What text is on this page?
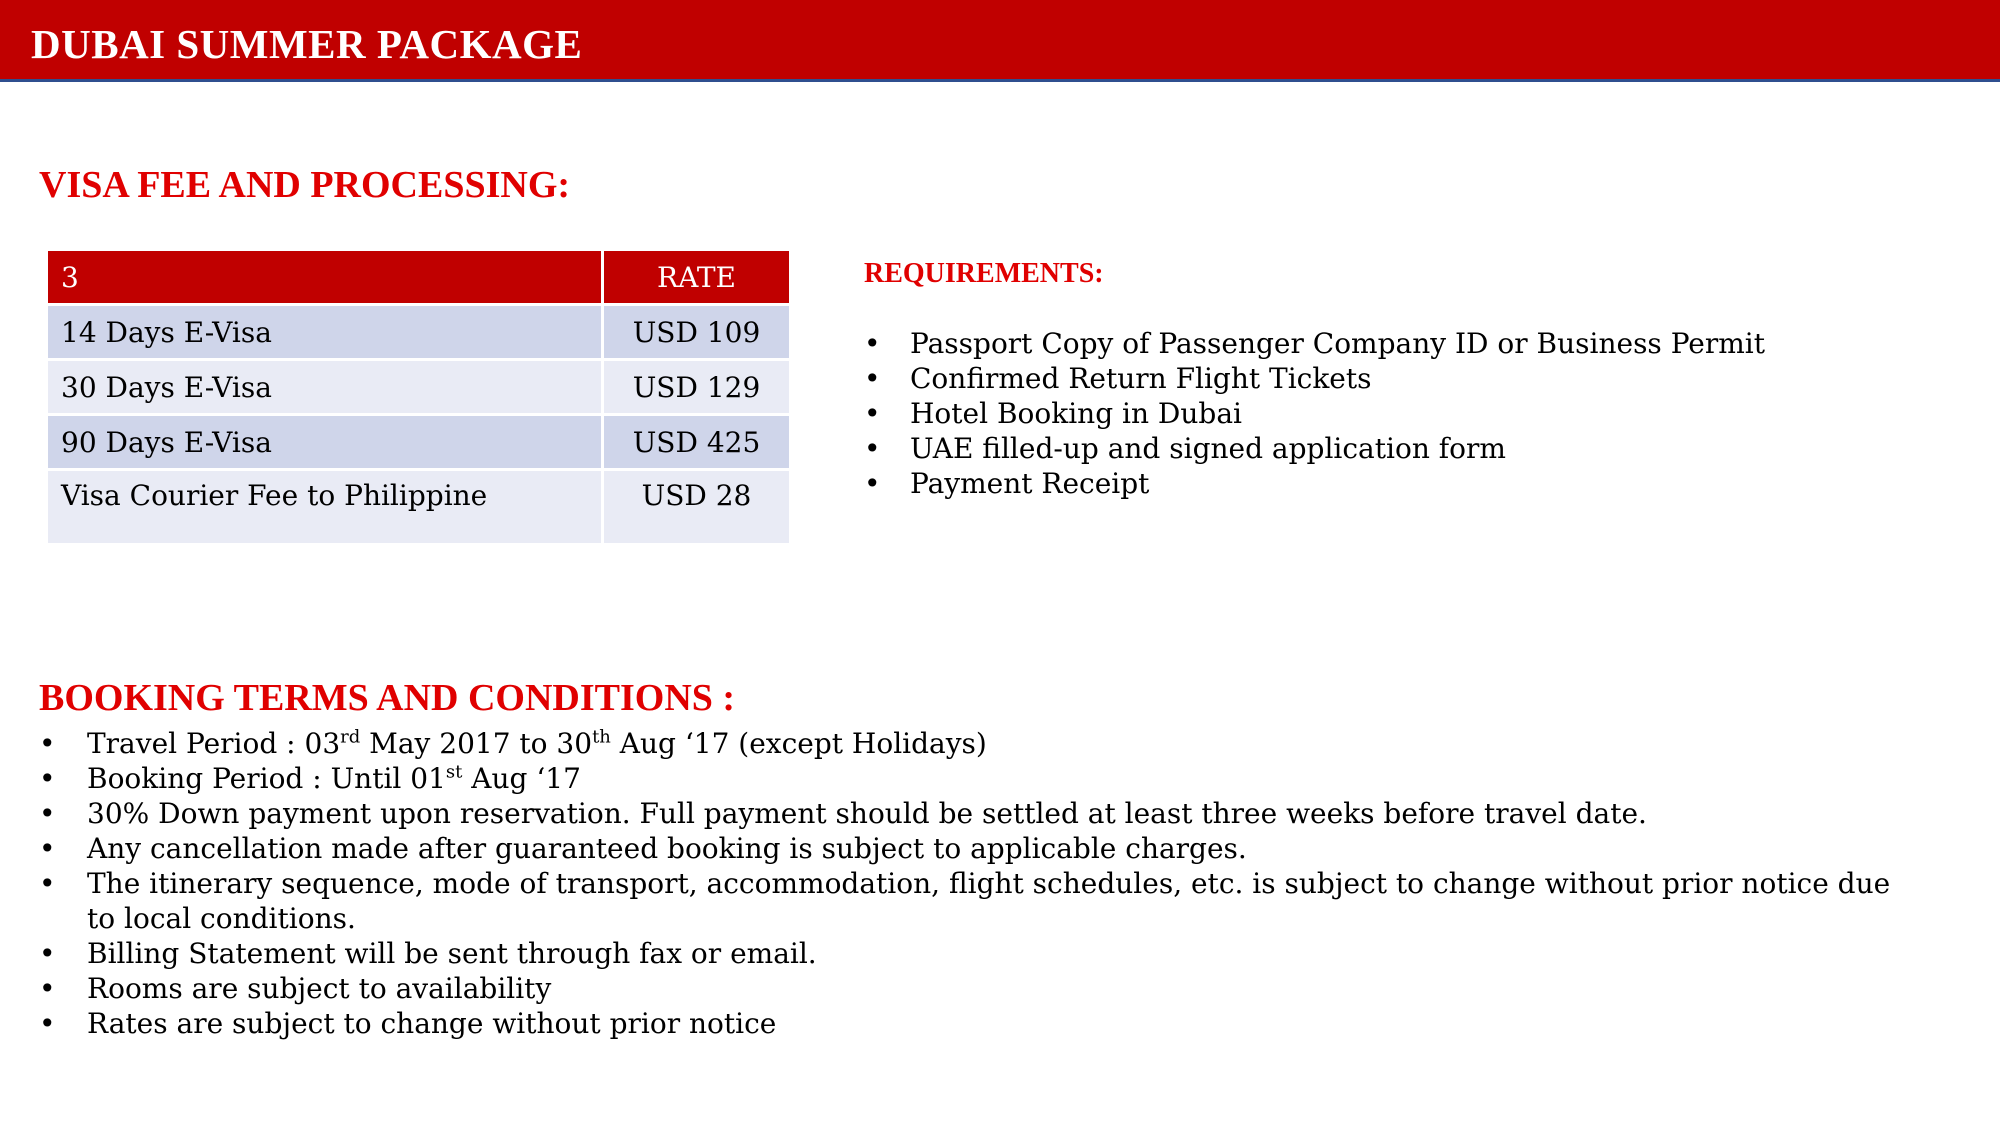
DUBAI SUMMER PACKAGE
VISA FEE AND PROCESSING:
3	RATE
14 Days E-Visa	USD 109
30 Days E-Visa	USD 129
90 Days E-Visa	USD 425
Visa Courier Fee to Philippine	USD 28
REQUIREMENTS:
• Passport Copy of Passenger Company ID or Business Permit
• Confirmed Return Flight Tickets
• Hotel Booking in Dubai
• UAE filled-up and signed application form
• Payment Receipt
BOOKING TERMS AND CONDITIONS :
• Travel Period : 03rd May 2017 to 30th Aug ‘17 (except Holidays)
• Booking Period : Until 01st Aug ‘17
• 30% Down payment upon reservation. Full payment should be settled at least three weeks before travel date.
• Any cancellation made after guaranteed booking is subject to applicable charges.
• The itinerary sequence, mode of transport, accommodation, flight schedules, etc. is subject to change without prior notice due to local conditions.
• Billing Statement will be sent through fax or email.
• Rooms are subject to availability
• Rates are subject to change without prior notice
